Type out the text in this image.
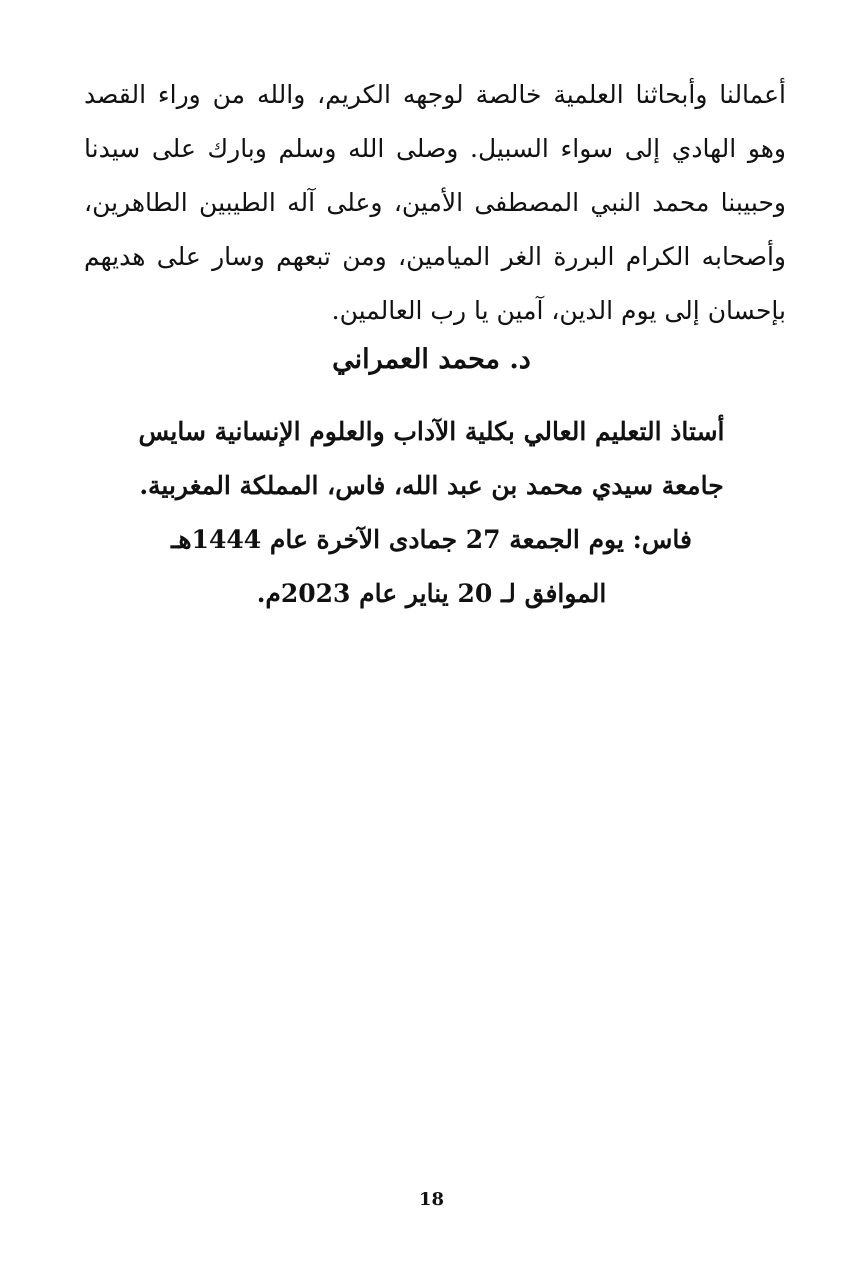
أعمالنا وأبحاثنا العلمية خالصة لوجهه الكريم، والله من وراء القصد
وهو الهادي إلى سواء السبيل. وصلى الله وسلم وبارك على سيدنا
وحبيبنا محمد النبي المصطفى الأمين، وعلى آله الطيبين الطاهرين،
وأصحابه الكرام البررة الغر الميامين، ومن تبعهم وسار على هديهم
بإحسان إلى يوم الدين، آمين يا رب العالمين.
د. محمد العمراني
أستاذ التعليم العالي بكلية الآداب والعلوم الإنسانية سايس
جامعة سيدي محمد بن عبد الله، فاس، المملكة المغربية.
فاس: يوم الجمعة 27 جمادى الآخرة عام 1444هـ
الموافق لـ 20 يناير عام 2023م.
18
